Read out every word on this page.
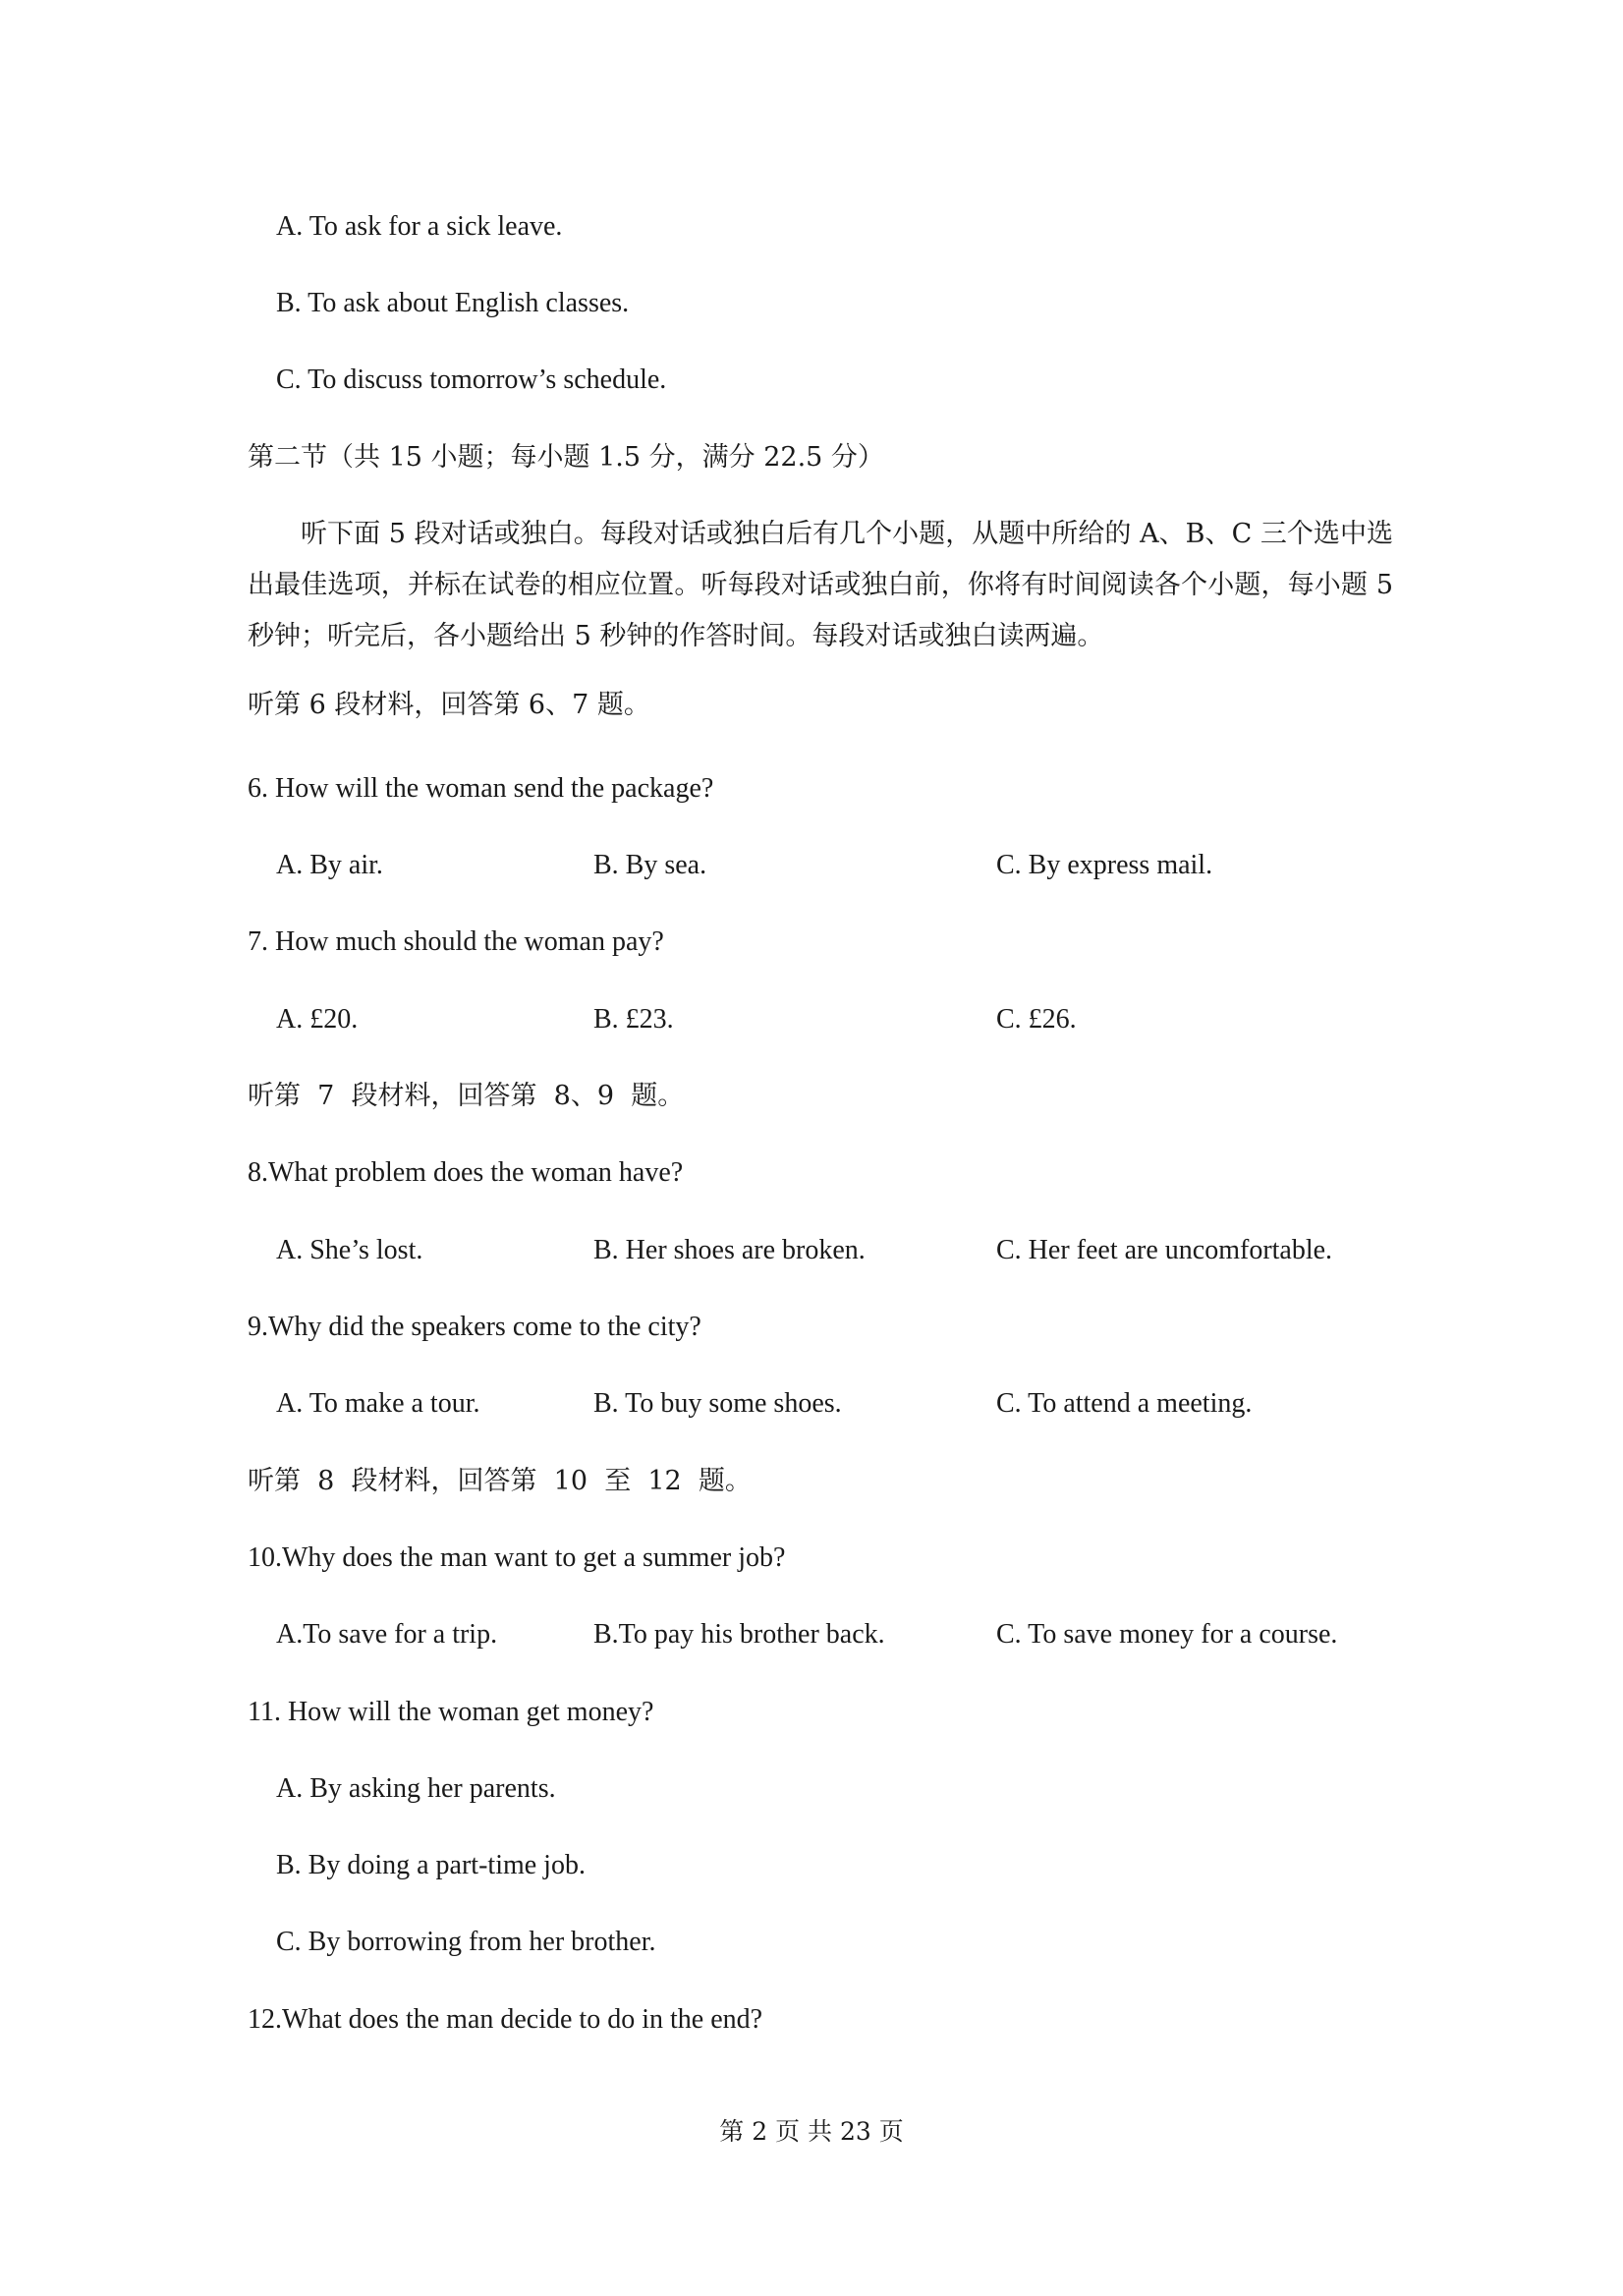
A. To ask for a sick leave.
B. To ask about English classes.
C. To discuss tomorrow’s schedule.
第二节（共 15 小题；每小题 1.5 分，满分 22.5 分）
听下面 5 段对话或独白。每段对话或独白后有几个小题，从题中所给的 A、B、C 三个选中选出最佳选项，并标在试卷的相应位置。听每段对话或独白前，你将有时间阅读各个小题，每小题 5 秒钟；听完后，各小题给出 5 秒钟的作答时间。每段对话或独白读两遍。
听第 6 段材料，回答第 6、7 题。
6. How will the woman send the package?
A. By air.	B. By sea.	C. By express mail.
7. How much should the woman pay?
A. £20.	B. £23.	C. £26.
听第  7  段材料，回答第  8、9  题。
8.What problem does the woman have?
A. She’s lost.	B. Her shoes are broken.	C. Her feet are uncomfortable.
9.Why did the speakers come to the city?
A. To make a tour.	B. To buy some shoes.	C. To attend a meeting.
听第  8  段材料，回答第  10  至  12  题。
10.Why does the man want to get a summer job?
A.To save for a trip.	B.To pay his brother back.	C. To save money for a course.
11. How will the woman get money?
A. By asking her parents.
B. By doing a part-time job.
C. By borrowing from her brother.
12.What does the man decide to do in the end?
第 2 页 共 23 页
